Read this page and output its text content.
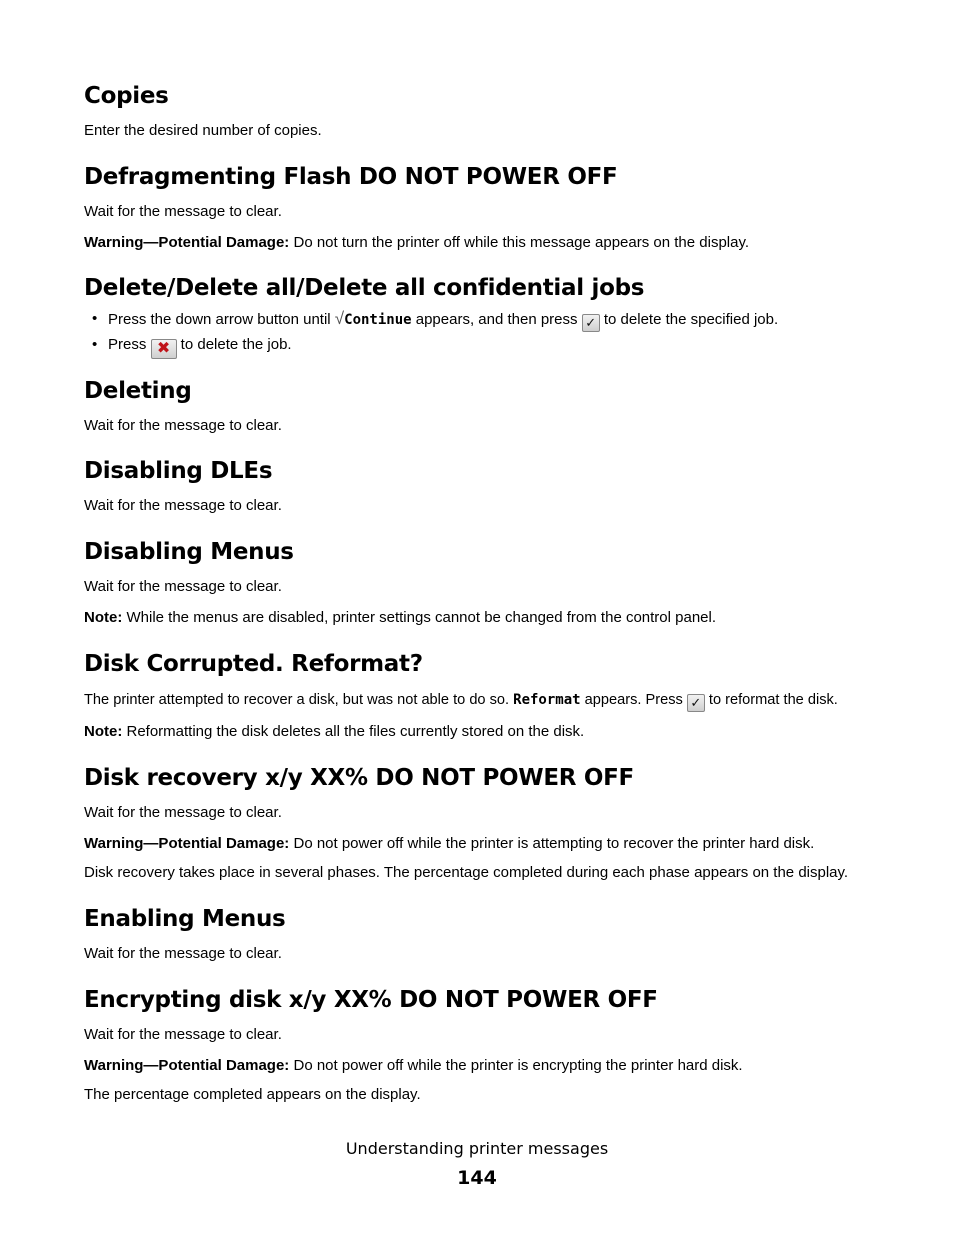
Copies

Enter the desired number of copies.

Defragmenting Flash DO NOT POWER OFF

Wait for the message to clear.

Warning—Potential Damage: Do not turn the printer off while this message appears on the display.

Delete/Delete all/Delete all confidential jobs
• Press the down arrow button until √Continue appears, and then press ✓ to delete the specified job.

• Press ✖ to delete the job.

Deleting

Wait for the message to clear.

Disabling DLEs

Wait for the message to clear.

Disabling Menus

Wait for the message to clear.

Note: While the menus are disabled, printer settings cannot be changed from the control panel.

Disk Corrupted. Reformat?

The printer attempted to recover a disk, but was not able to do so. Reformat appears. Press ✓ to reformat the disk.

Note: Reformatting the disk deletes all the files currently stored on the disk.

Disk recovery x/y XX% DO NOT POWER OFF

Wait for the message to clear.

Warning—Potential Damage: Do not power off while the printer is attempting to recover the printer hard disk.

Disk recovery takes place in several phases. The percentage completed during each phase appears on the display.

Enabling Menus

Wait for the message to clear.

Encrypting disk x/y XX% DO NOT POWER OFF

Wait for the message to clear.

Warning—Potential Damage: Do not power off while the printer is encrypting the printer hard disk.

The percentage completed appears on the display.

Understanding printer messages
144
